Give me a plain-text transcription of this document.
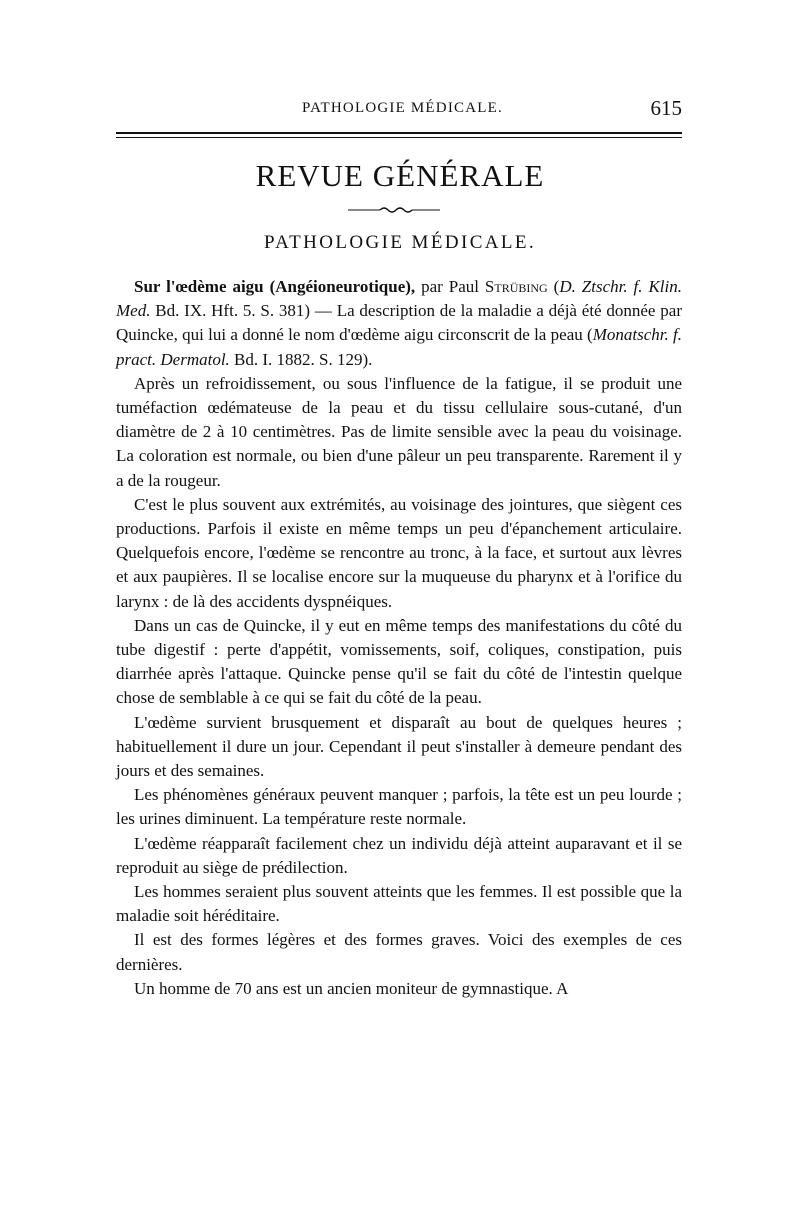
PATHOLOGIE MÉDICALE.	615
REVUE GÉNÉRALE
PATHOLOGIE MÉDICALE.

Sur l'œdème aigu (Angéioneurotique), par Paul Strübing (D. Ztschr. f. Klin. Med. Bd. IX. Hft. 5. S. 381) — La description de la maladie a déjà été donnée par Quincke, qui lui a donné le nom d'œdème aigu circonscrit de la peau (Monatschr. f. pract. Dermatol. Bd. I. 1882. S. 129).

Après un refroidissement, ou sous l'influence de la fatigue, il se produit une tuméfaction œdémateuse de la peau et du tissu cellulaire sous-cutané, d'un diamètre de 2 à 10 centimètres. Pas de limite sensible avec la peau du voisinage. La coloration est normale, ou bien d'une pâleur un peu transparente. Rarement il y a de la rougeur.

C'est le plus souvent aux extrémités, au voisinage des jointures, que siègent ces productions. Parfois il existe en même temps un peu d'épanchement articulaire. Quelquefois encore, l'œdème se rencontre au tronc, à la face, et surtout aux lèvres et aux paupières. Il se localise encore sur la muqueuse du pharynx et à l'orifice du larynx : de là des accidents dyspnéiques.

Dans un cas de Quincke, il y eut en même temps des manifestations du côté du tube digestif : perte d'appétit, vomissements, soif, coliques, constipation, puis diarrhée après l'attaque. Quincke pense qu'il se fait du côté de l'intestin quelque chose de semblable à ce qui se fait du côté de la peau.

L'œdème survient brusquement et disparaît au bout de quelques heures ; habituellement il dure un jour. Cependant il peut s'installer à demeure pendant des jours et des semaines.

Les phénomènes généraux peuvent manquer ; parfois, la tête est un peu lourde ; les urines diminuent. La température reste normale.

L'œdème réapparaît facilement chez un individu déjà atteint auparavant et il se reproduit au siège de prédilection.

Les hommes seraient plus souvent atteints que les femmes. Il est possible que la maladie soit héréditaire.

Il est des formes légères et des formes graves. Voici des exemples de ces dernières.

Un homme de 70 ans est un ancien moniteur de gymnastique. A
